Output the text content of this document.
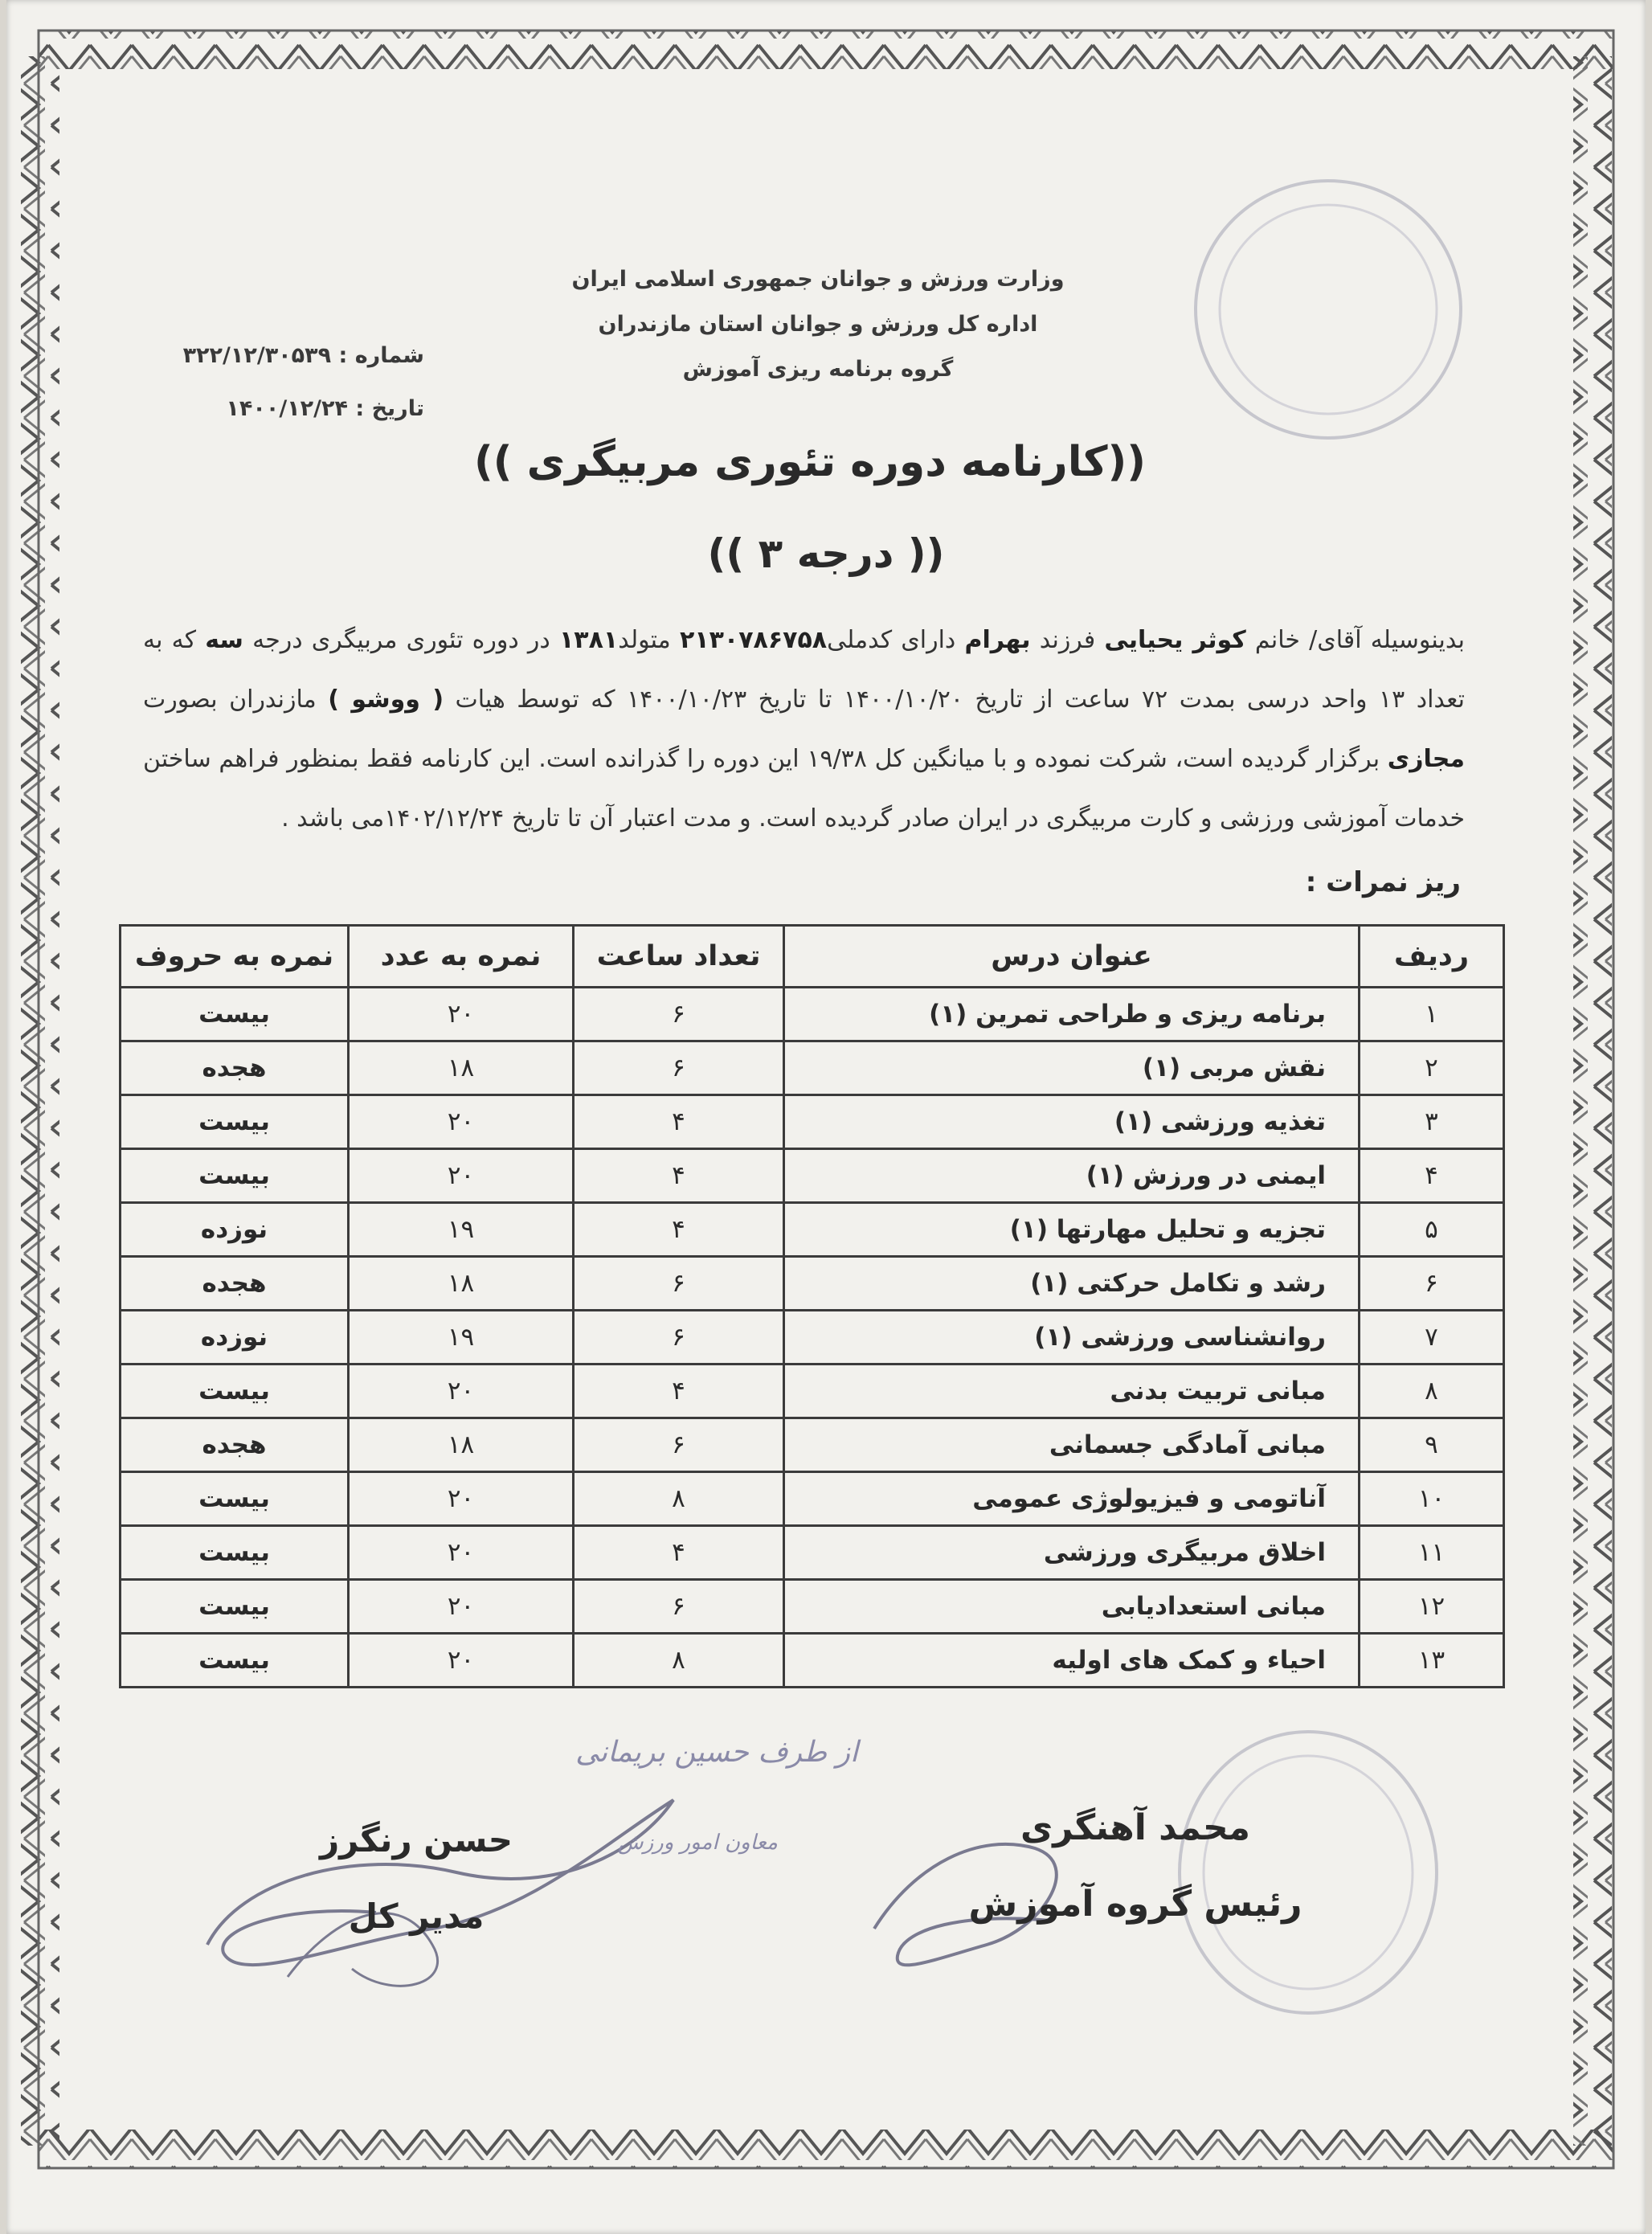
وزارت ورزش و جوانان جمهوری اسلامی ایران
اداره کل ورزش و جوانان استان مازندران
گروه برنامه ریزی آموزش
شماره : ۳۲۲/۱۲/۳۰۵۳۹
تاریخ : ۱۴۰۰/۱۲/۲۴
((کارنامه دوره تئوری مربیگری ))
(( درجه ۳ ))
بدینوسیله آقای/ خانم کوثر یحیایی فرزند بهرام دارای کدملی۲۱۳۰۷۸۶۷۵۸ متولد۱۳۸۱ در دوره تئوری مربیگری درجه سه که به تعداد ۱۳ واحد درسی بمدت ۷۲ ساعت از تاریخ ۱۴۰۰/۱۰/۲۰ تا تاریخ ۱۴۰۰/۱۰/۲۳ که توسط هیات ( ووشو ) مازندران بصورت مجازی برگزار گردیده است، شرکت نموده و با میانگین کل ۱۹/۳۸ این دوره را گذرانده است. این کارنامه فقط بمنظور فراهم ساختن خدمات آموزشی ورزشی و کارت مربیگری در ایران صادر گردیده است. و مدت اعتبار آن تا تاریخ ۱۴۰۲/۱۲/۲۴می باشد .
ریز نمرات :
ردیف	عنوان درس	تعداد ساعت	نمره به عدد	نمره به حروف
۱	برنامه ریزی و طراحی تمرین (۱)	۶	۲۰	بیست
۲	نقش مربی (۱)	۶	۱۸	هجده
۳	تغذیه ورزشی (۱)	۴	۲۰	بیست
۴	ایمنی در ورزش (۱)	۴	۲۰	بیست
۵	تجزیه و تحلیل مهارتها (۱)	۴	۱۹	نوزده
۶	رشد و تکامل حرکتی (۱)	۶	۱۸	هجده
۷	روانشناسی ورزشی (۱)	۶	۱۹	نوزده
۸	مبانی تربیت بدنی	۴	۲۰	بیست
۹	مبانی آمادگی جسمانی	۶	۱۸	هجده
۱۰	آناتومی و فیزیولوژی عمومی	۸	۲۰	بیست
۱۱	اخلاق مربیگری ورزشی	۴	۲۰	بیست
۱۲	مبانی استعدادیابی	۶	۲۰	بیست
۱۳	احیاء و کمک های اولیه	۸	۲۰	بیست
از طرف حسین بریمانی
معاون امور ورزش	محمد آهنگری
رئیس گروه آموزش
حسن رنگرز
مدیر کل
